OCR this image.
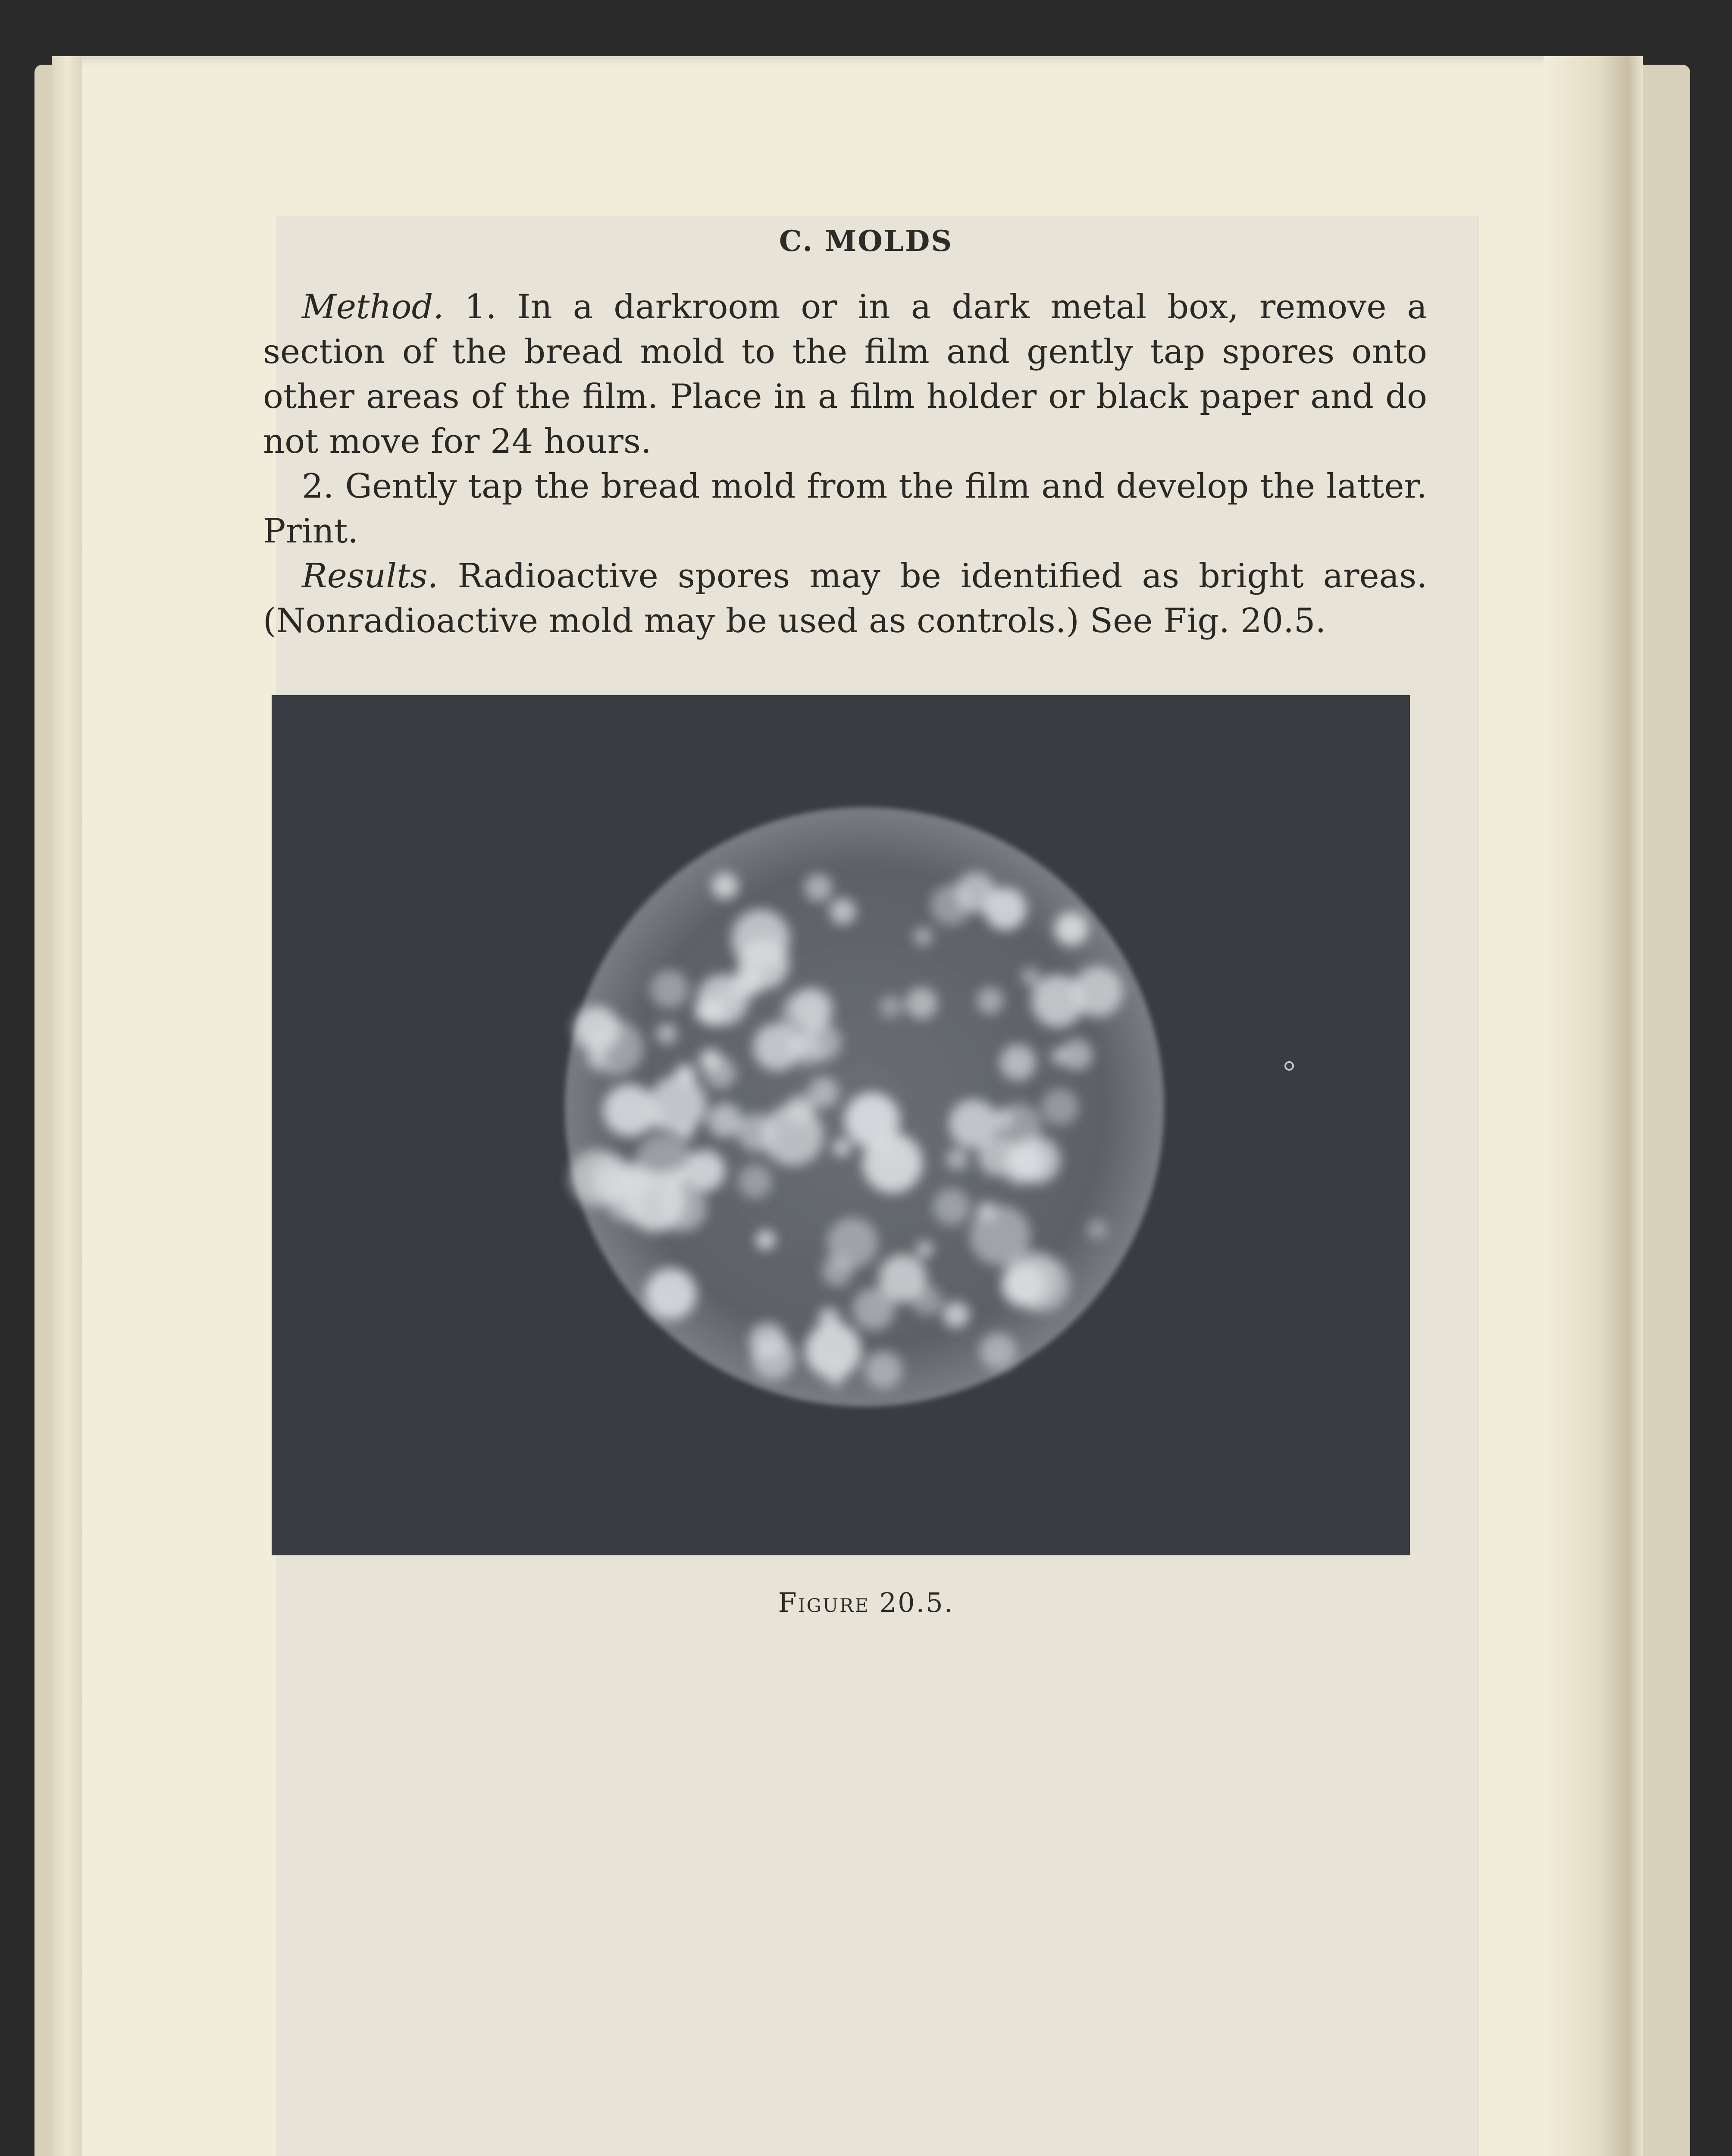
C. MOLDS

Method. 1. In a darkroom or in a dark metal box, remove a section of the bread mold to the film and gently tap spores onto other areas of the film. Place in a film holder or black paper and do not move for 24 hours.

2. Gently tap the bread mold from the film and develop the latter. Print.

Results. Radioactive spores may be identified as bright areas. (Nonradioactive mold may be used as controls.) See Fig. 20.5.

Figure 20.5.
